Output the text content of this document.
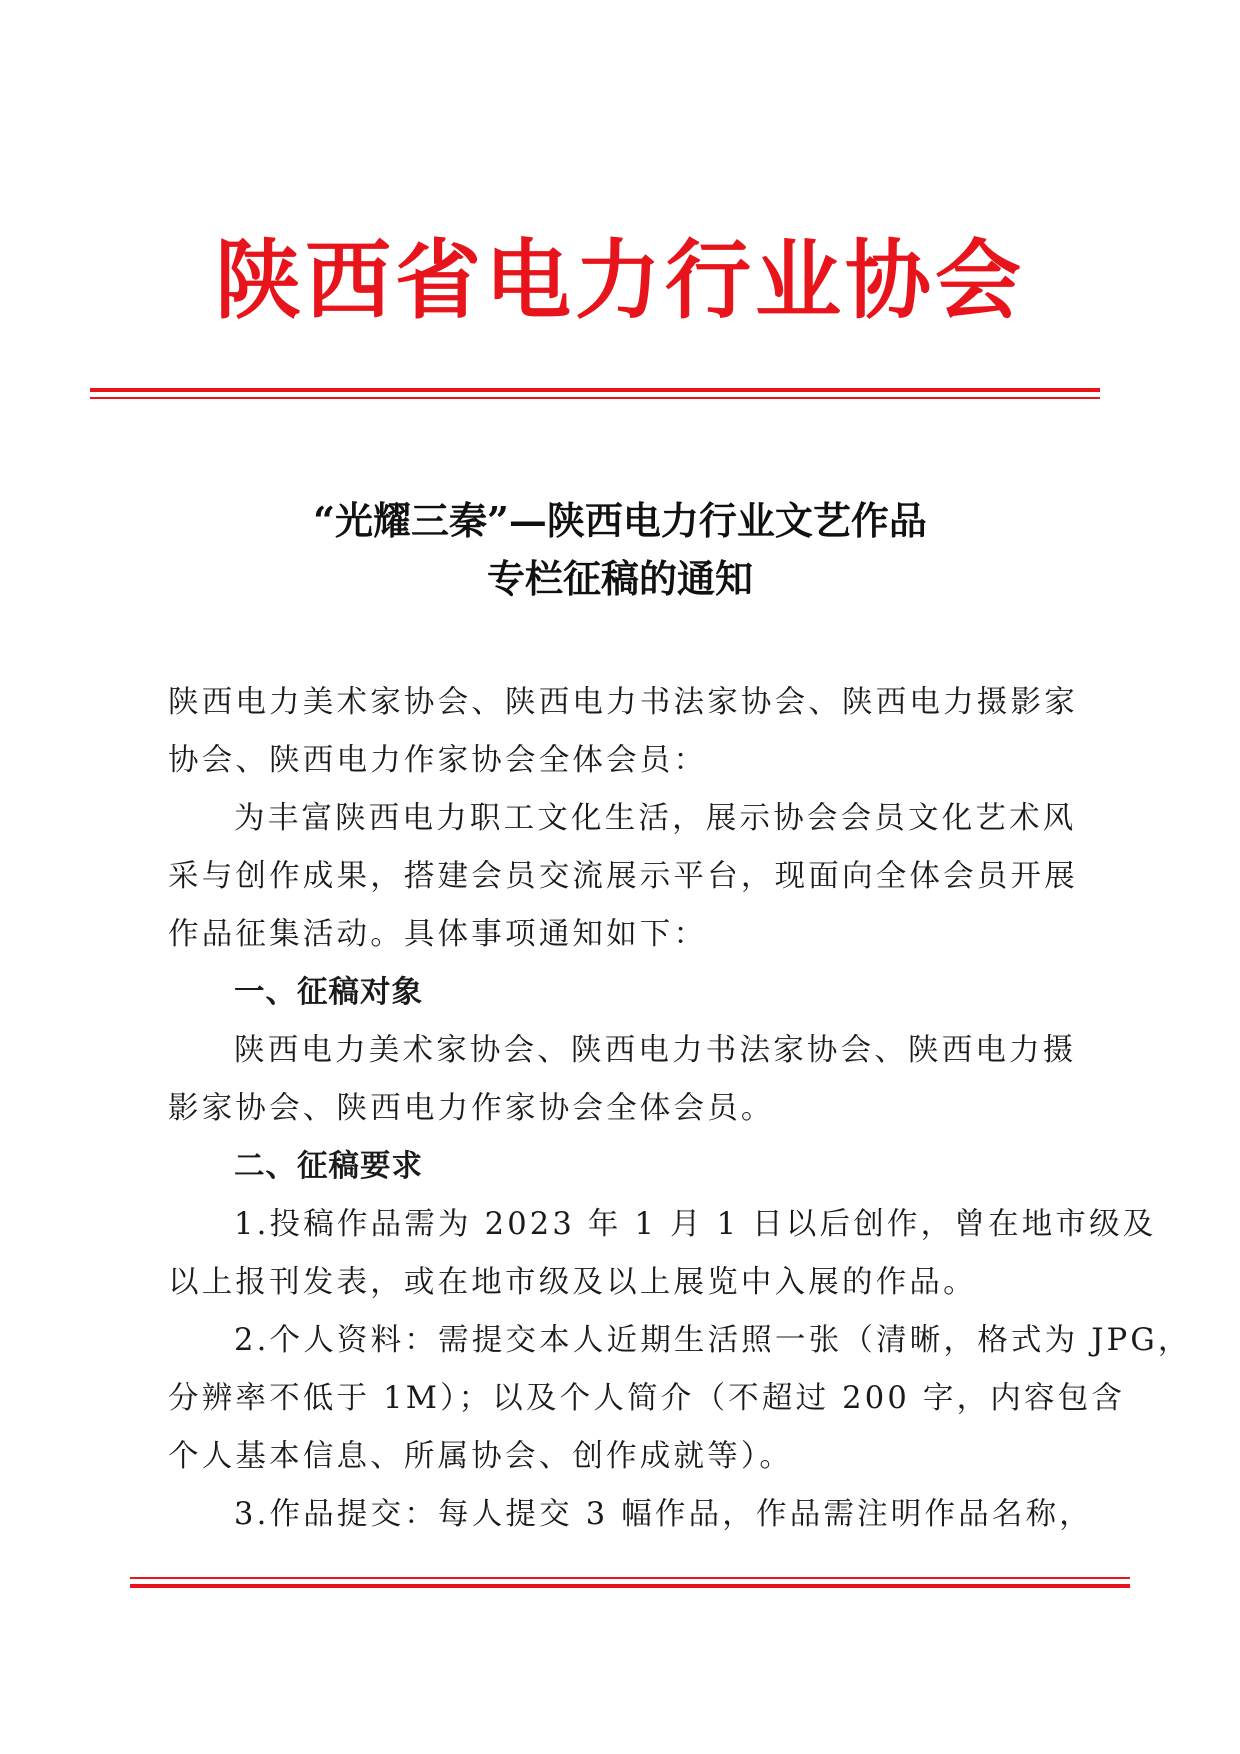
陕西省电力行业协会
“光耀三秦”—陕西电力行业文艺作品
专栏征稿的通知
陕西电力美术家协会、陕西电力书法家协会、陕西电力摄影家
协会、陕西电力作家协会全体会员：
为丰富陕西电力职工文化生活，展示协会会员文化艺术风
采与创作成果，搭建会员交流展示平台，现面向全体会员开展
作品征集活动。具体事项通知如下：
一、征稿对象
陕西电力美术家协会、陕西电力书法家协会、陕西电力摄
影家协会、陕西电力作家协会全体会员。
二、征稿要求
1.投稿作品需为 2023 年 1 月 1 日以后创作，曾在地市级及
以上报刊发表，或在地市级及以上展览中入展的作品。
2.个人资料：需提交本人近期生活照一张（清晰，格式为 JPG，
分辨率不低于 1M）；以及个人简介（不超过 200 字，内容包含
个人基本信息、所属协会、创作成就等）。
3.作品提交：每人提交 3 幅作品，作品需注明作品名称，
